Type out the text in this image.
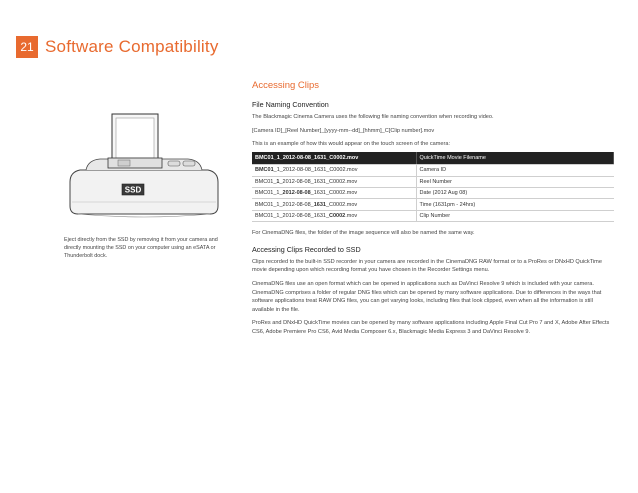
21 Software Compatibility
SSD
Eject directly from the SSD by removing it from your camera and directly mounting the SSD on your computer using an eSATA or Thunderbolt dock.
Accessing Clips
File Naming Convention
The Blackmagic Cinema Camera uses the following file naming convention when recording video.
[Camera ID]_[Reel Number]_[yyyy-mm--dd]_[hhmm]_C[Clip number].mov
This is an example of how this would appear on the touch screen of the camera:
BMC01_1_2012-08-08_1631_C0002.mov	QuickTime Movie Filename
BMC01_1_2012-08-08_1631_C0002.mov	Camera ID
BMC01_1_2012-08-08_1631_C0002.mov	Reel Number
BMC01_1_2012-08-08_1631_C0002.mov	Date (2012 Aug 08)
BMC01_1_2012-08-08_1631_C0002.mov	Time (1631pm - 24hrs)
BMC01_1_2012-08-08_1631_C0002.mov	Clip Number
For CinemaDNG files, the folder of the image sequence will also be named the same way.
Accessing Clips Recorded to SSD
Clips recorded to the built-in SSD recorder in your camera are recorded in the CinemaDNG RAW format or to a ProRes or DNxHD QuickTime movie depending upon which recording format you have chosen in the Recorder Settings menu.
CinemaDNG files use an open format which can be opened in applications such as DaVinci Resolve 9 which is included with your camera. CinemaDNG comprises a folder of regular DNG files which can be opened by many software applications. Due to differences in the ways that software applications treat RAW DNG files, you can get varying looks, including files that look clipped, even when all the information is still available in the file.
ProRes and DNxHD QuickTime movies can be opened by many software applications including Apple Final Cut Pro 7 and X, Adobe After Effects CS6, Adobe Premiere Pro CS6, Avid Media Composer 6.x, Blackmagic Media Express 3 and DaVinci Resolve 9.
